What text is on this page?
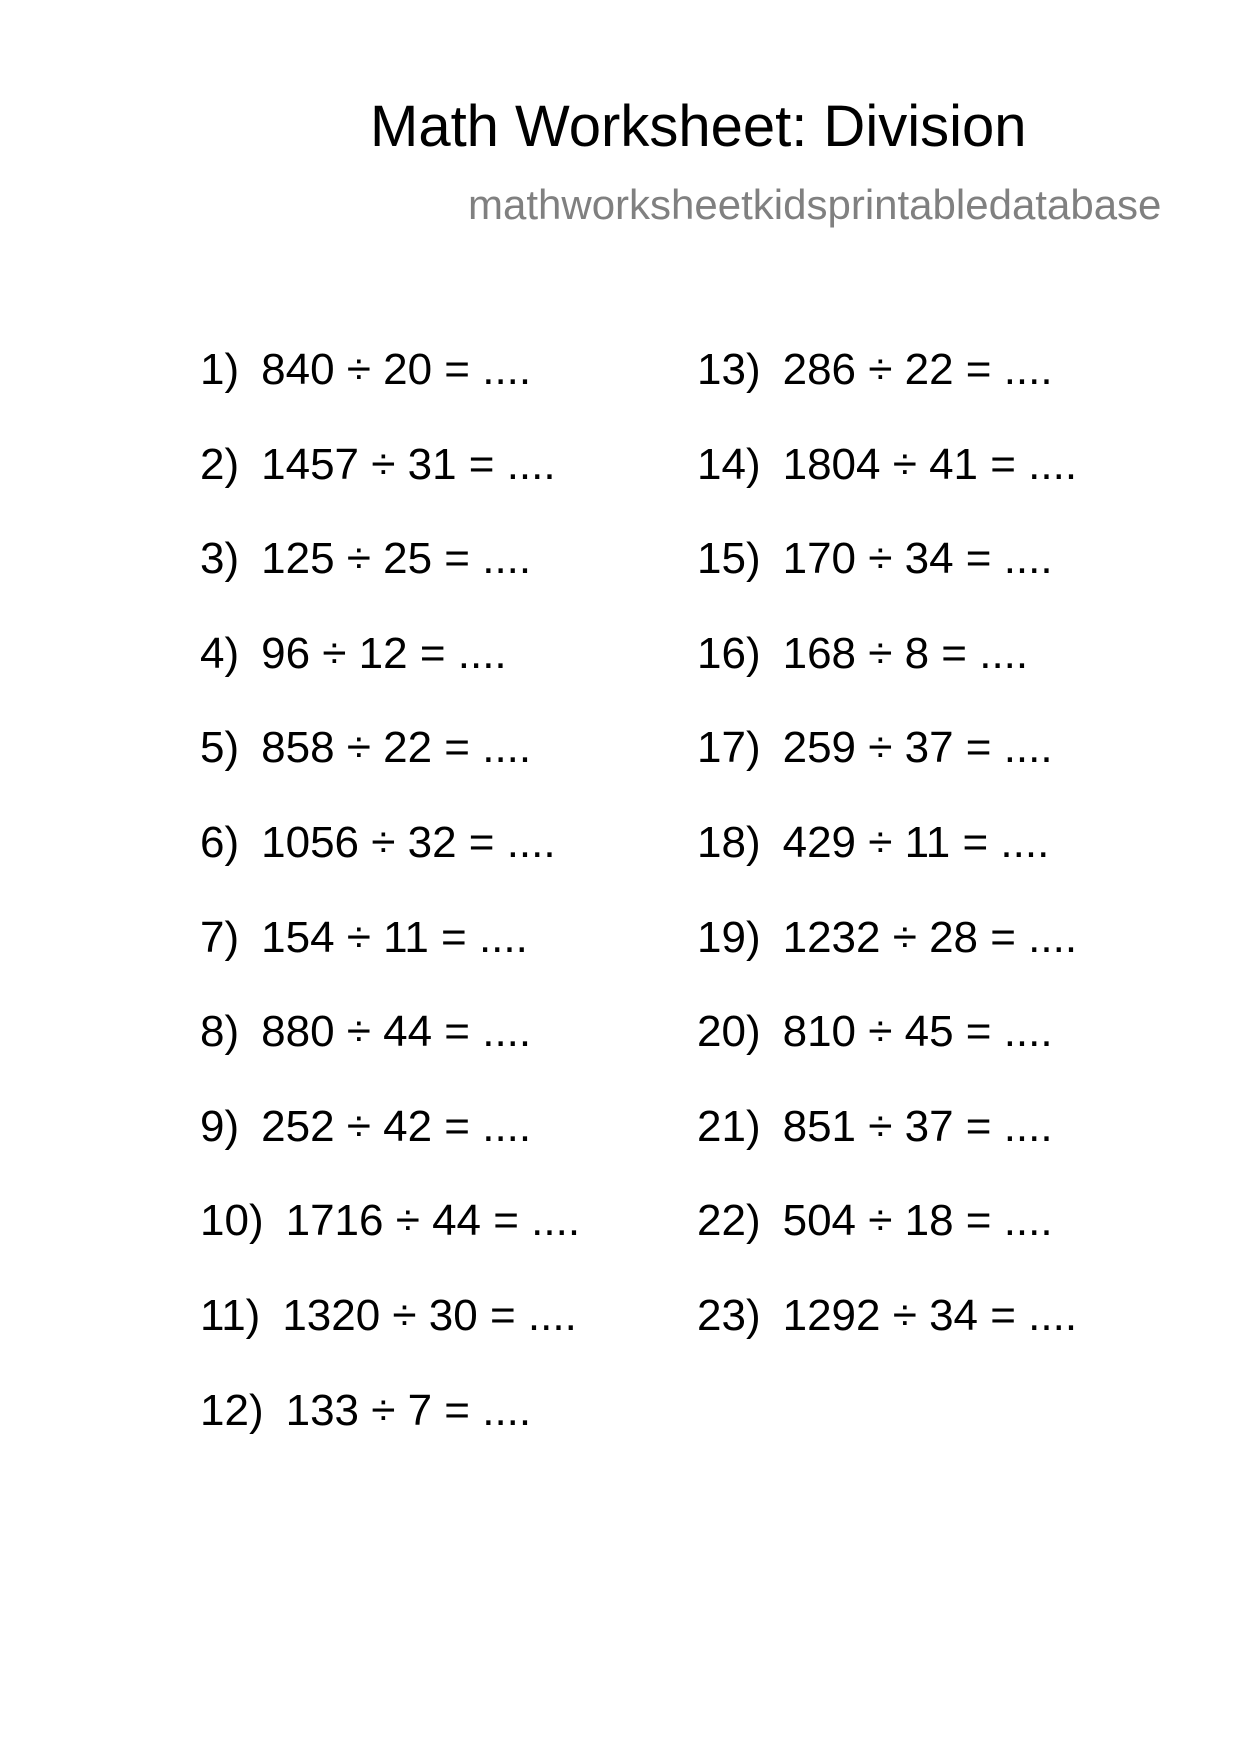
Math Worksheet: Division
mathworksheetkidsprintabledatabase
1) 840 ÷ 20 = ....
2) 1457 ÷ 31 = ....
3) 125 ÷ 25 = ....
4) 96 ÷ 12 = ....
5) 858 ÷ 22 = ....
6) 1056 ÷ 32 = ....
7) 154 ÷ 11 = ....
8) 880 ÷ 44 = ....
9) 252 ÷ 42 = ....
10) 1716 ÷ 44 = ....
11) 1320 ÷ 30 = ....
12) 133 ÷ 7 = ....
13) 286 ÷ 22 = ....
14) 1804 ÷ 41 = ....
15) 170 ÷ 34 = ....
16) 168 ÷ 8 = ....
17) 259 ÷ 37 = ....
18) 429 ÷ 11 = ....
19) 1232 ÷ 28 = ....
20) 810 ÷ 45 = ....
21) 851 ÷ 37 = ....
22) 504 ÷ 18 = ....
23) 1292 ÷ 34 = ....
